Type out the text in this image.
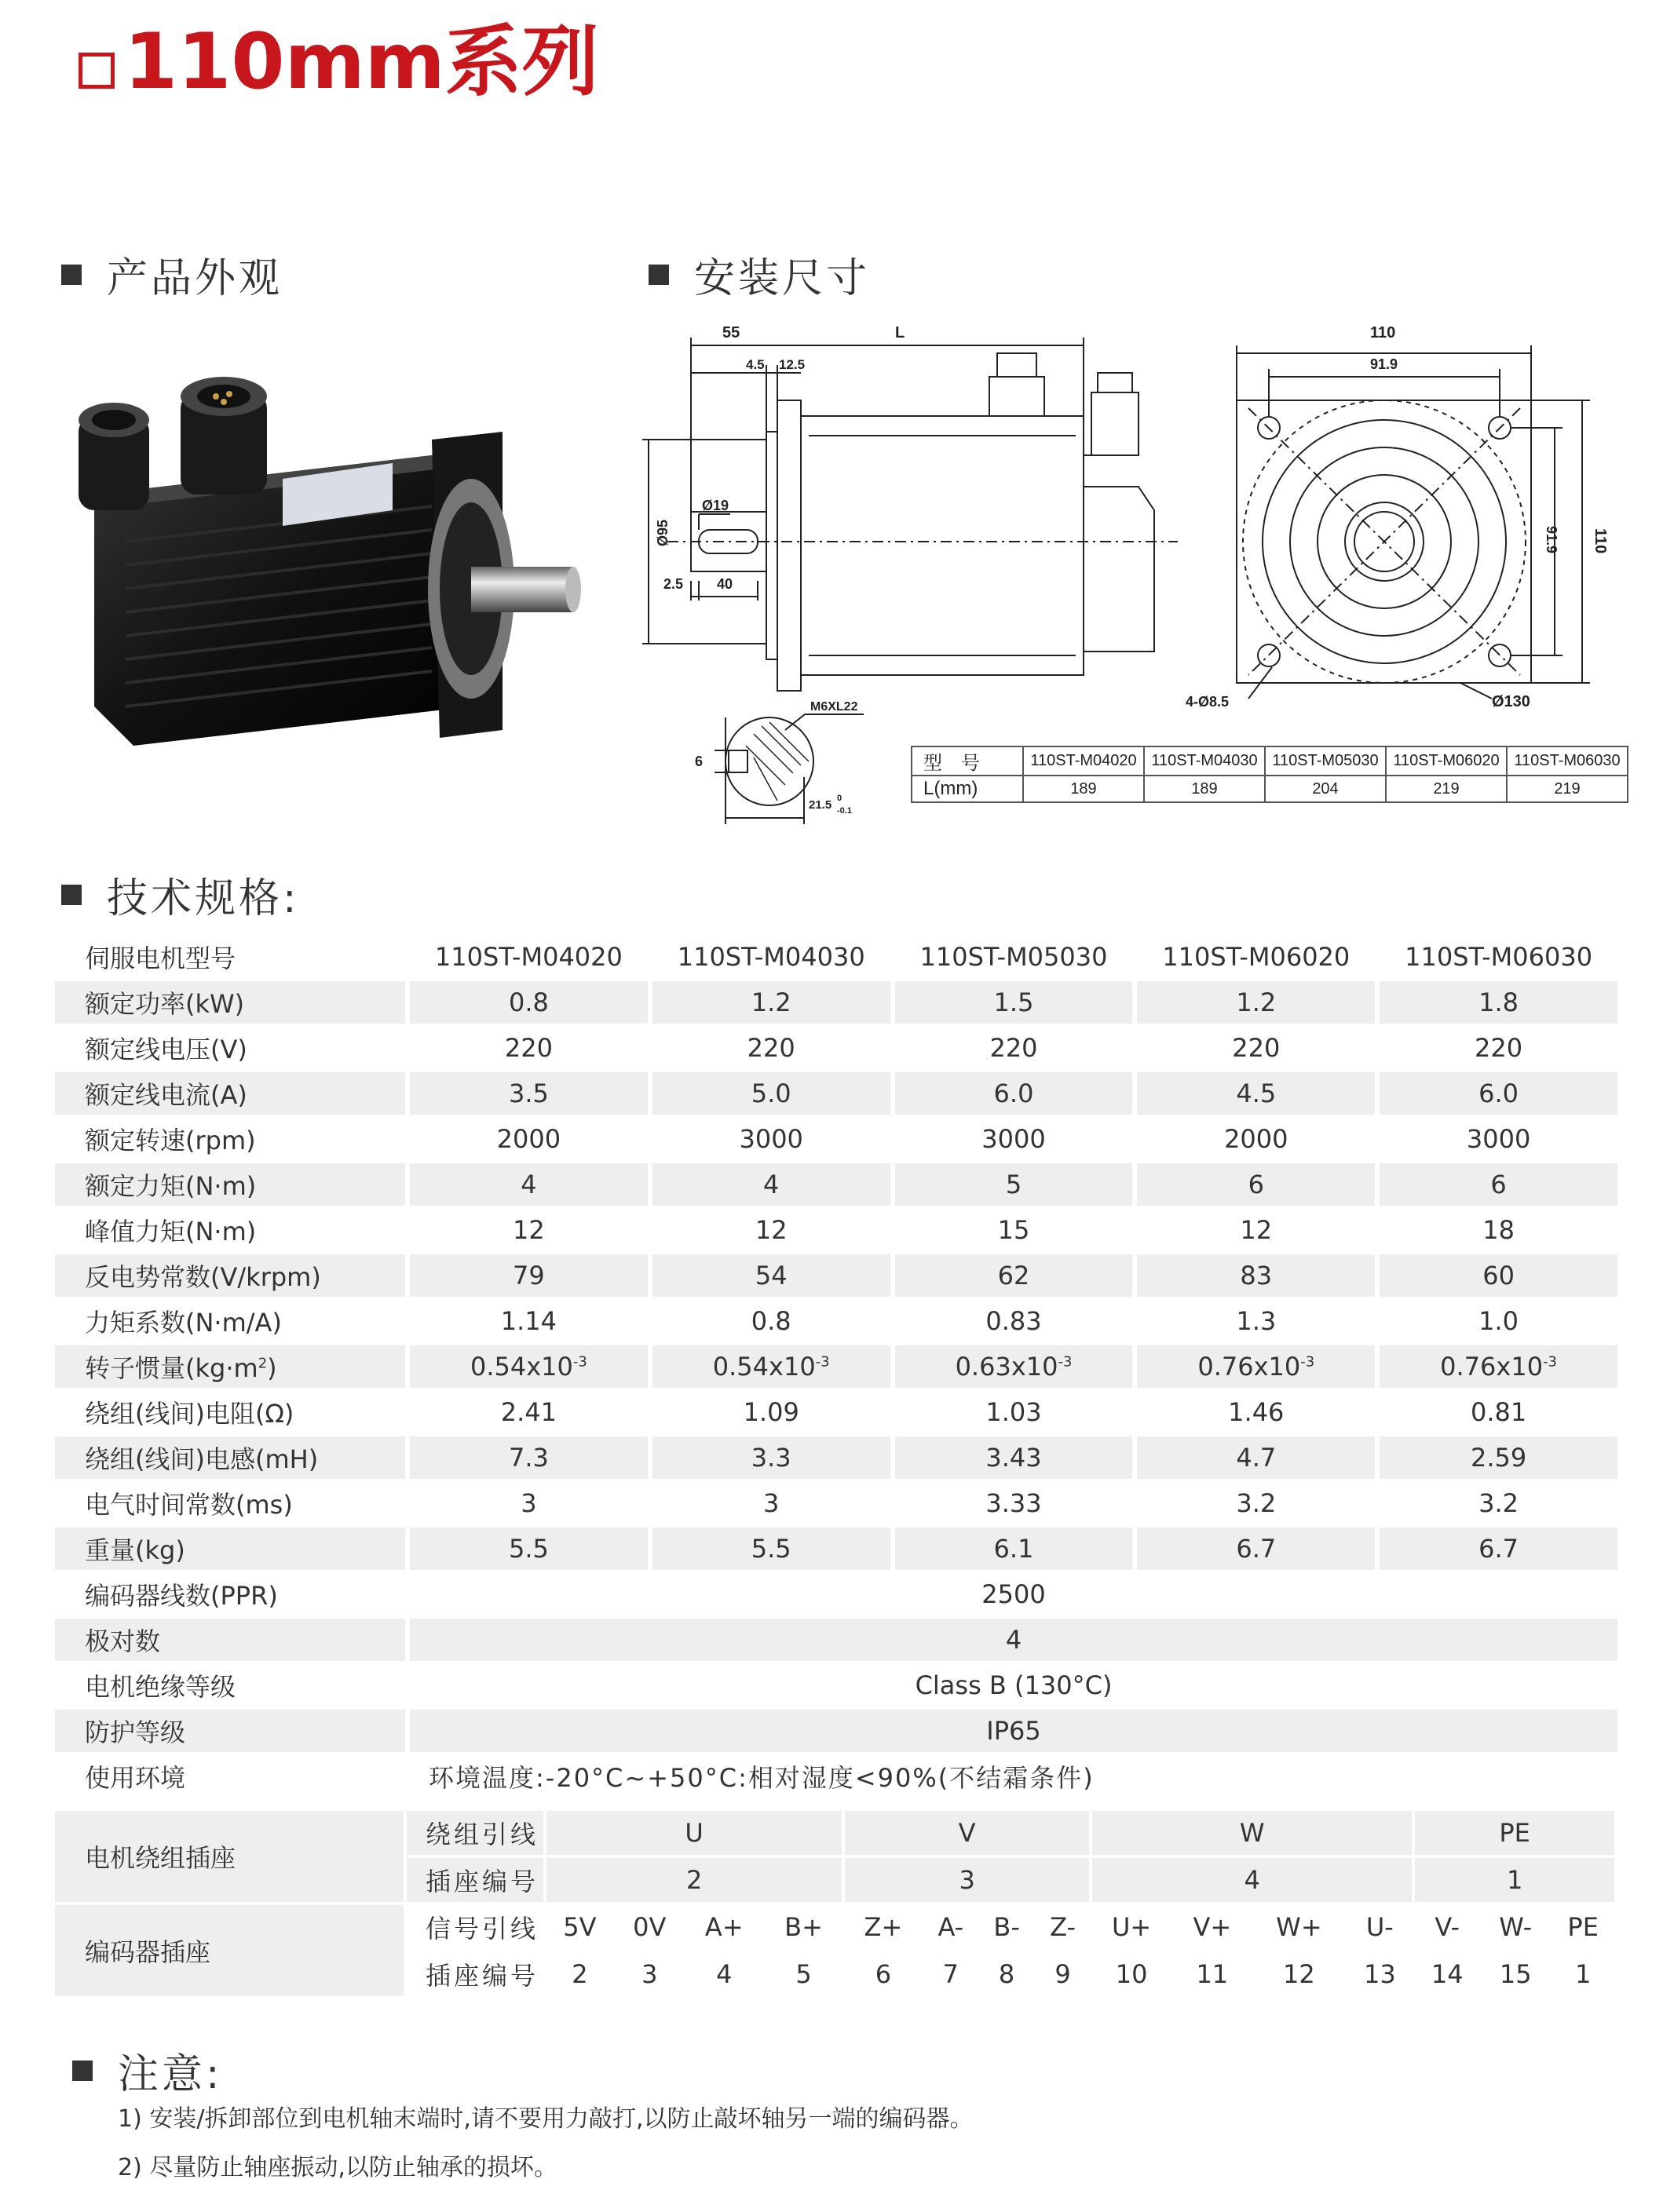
110mm系列
产品外观	安装尺寸
技术规格:
注意:
L
55
4.5 12.5
Ø19
Ø95
2.5 40
110
91.9
91.9 110
4-Ø8.5	Ø130
M6XL22
6
21.5 0
-0.1
型　号	110ST-M04020	110ST-M04030	110ST-M05030	110ST-M06020	110ST-M06030
L(mm)	189	189	204	219	219
伺服电机型号		110ST-M04020		110ST-M04030		110ST-M05030		110ST-M06020		110ST-M06030
额定功率(kW)		0.8		1.2		1.5		1.2		1.8
额定线电压(V)		220		220		220		220		220
额定线电流(A)		3.5		5.0		6.0		4.5		6.0
额定转速(rpm)		2000		3000		3000		2000		3000
额定力矩(N·m)		4		4		5		6		6
峰值力矩(N·m)		12		12		15		12		18
反电势常数(V/krpm)		79		54		62		83		60
力矩系数(N·m/A)		1.14		0.8		0.83		1.3		1.0
转子惯量$(kg\cdot m^2)$		$0.54x10^{-3}$		$0.54x10^{-3}$		$0.63x10^{-3}$		$0.76x10^{-3}$		$0.76x10^{-3}$
绕组(线间)电阻(Ω)		2.41		1.09		1.03		1.46		0.81
绕组(线间)电感(mH)		7.3		3.3		3.43		4.7		2.59
电气时间常数(ms)		3		3		3.33		3.2		3.2
重量(kg)		5.5		5.5		6.1		6.7		6.7
编码器线数(PPR)		2500								
极对数		4								
电机绝缘等级		Class B (130°C)								
防护等级		IP65								
使用环境		环境温度:-20°C~+50°C:相对湿度<90%(不结霜条件)								
电机绕组插座	绕组引线	U				V				W				PE		
	插座编号	2				3				4				1		
编码器插座	信号引线	5V	0V	A+	B+	Z+	A-	B-	Z-	U+	V+	W+	U-	V-	W-	PE
	插座编号	2	3	4	5	6	7	8	9	10	11	12	13	14	15	1
1) 安装/拆卸部位到电机轴末端时,请不要用力敲打,以防止敲坏轴另一端的编码器。
2) 尽量防止轴座振动,以防止轴承的损坏。
